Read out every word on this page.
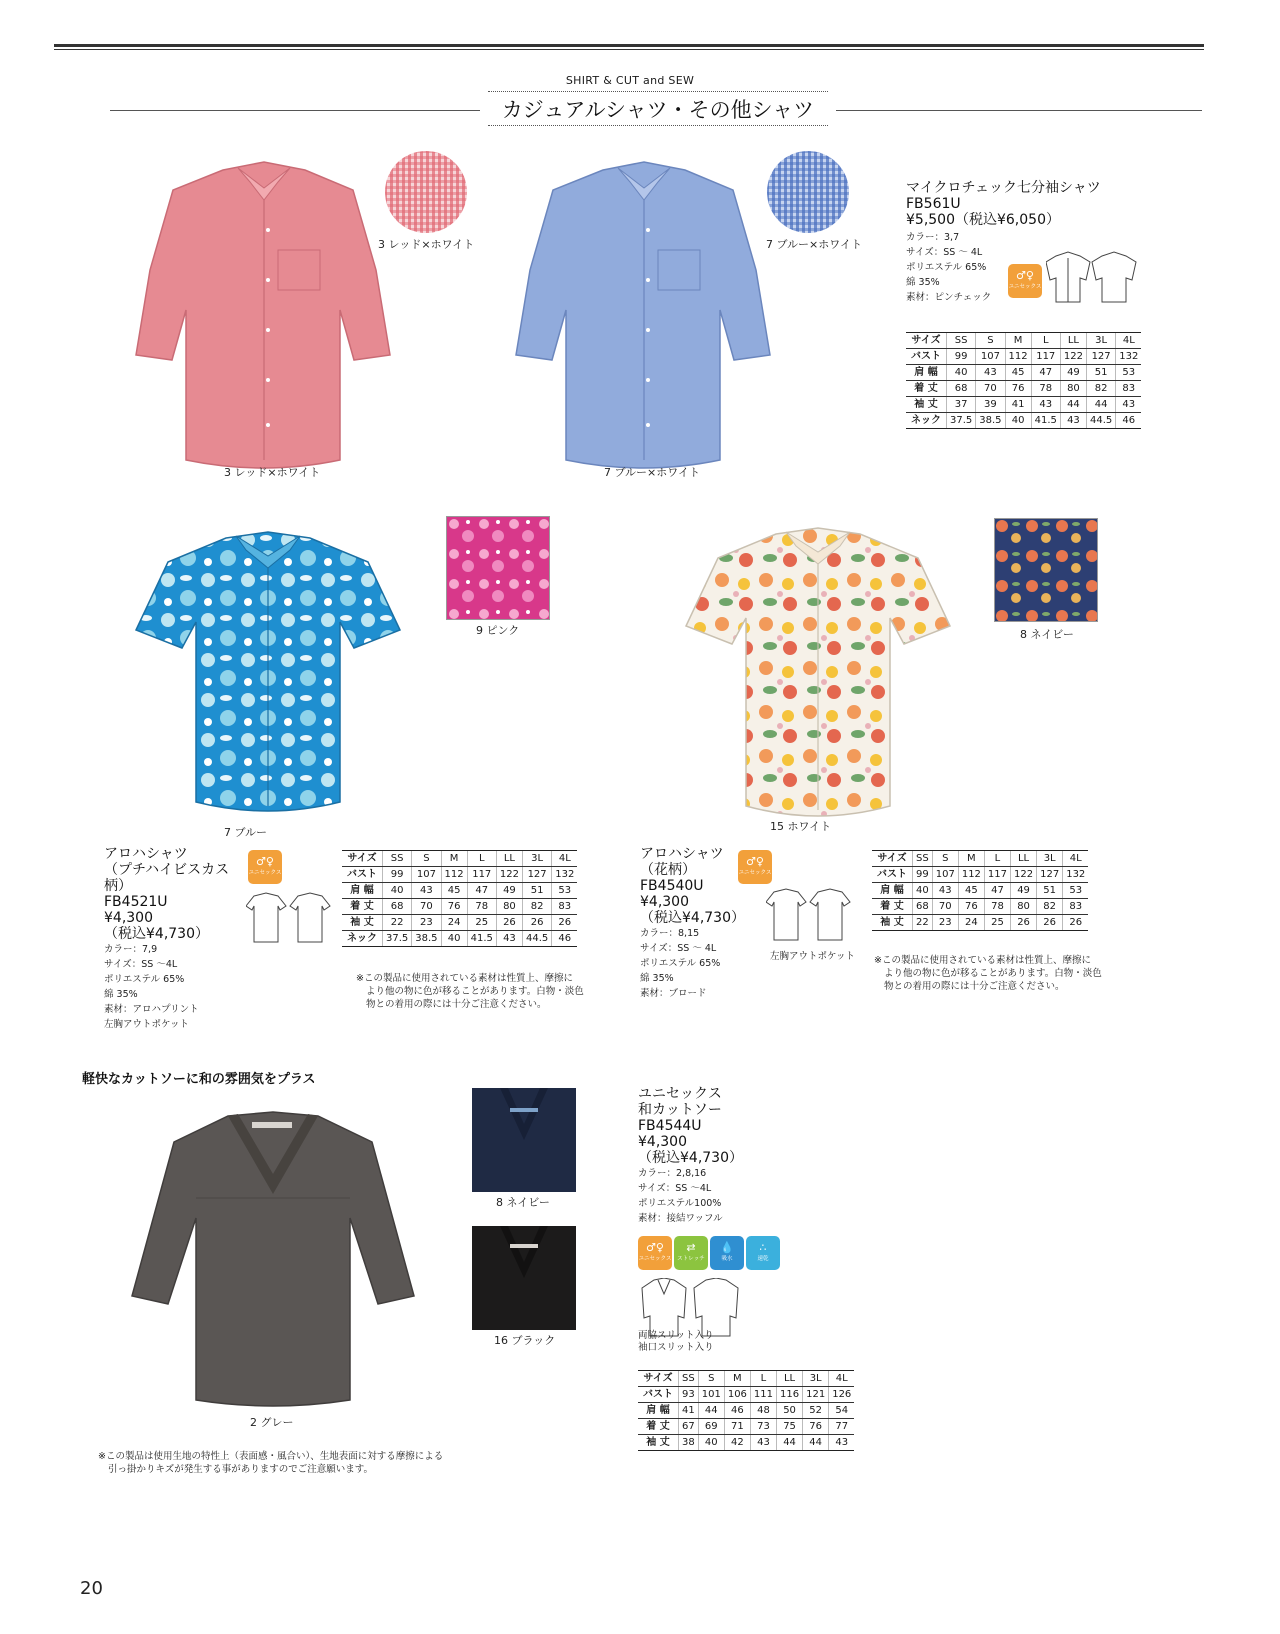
SHIRT & CUT and SEW
カジュアルシャツ・その他シャツ
3 レッド×ホワイト
3 レッド×ホワイト
7 ブルー×ホワイト
7 ブルー×ホワイト
マイクロチェック七分袖シャツ
FB561U
¥5,500（税込¥6,050）
カラー：3,7
サイズ：SS ～ 4L
ポリエステル 65%
綿 35%
素材：ピンチェック
♂♀
ユニセックス
サイズ	SS	S	M	L	LL	3L	4L
バスト	99	107	112	117	122	127	132
肩 幅	40	43	45	47	49	51	53
着 丈	68	70	76	78	80	82	83
袖 丈	37	39	41	43	44	44	43
ネック	37.5	38.5	40	41.5	43	44.5	46
9 ピンク
7 ブルー
アロハシャツ
（プチハイビスカス柄）
FB4521U
¥4,300
（税込¥4,730）
カラー：7,9
サイズ：SS ～4L
ポリエステル 65%
綿 35%
素材：アロハプリント
左胸アウトポケット
♂♀
ユニセックス
サイズ	SS	S	M	L	LL	3L	4L
バスト	99	107	112	117	122	127	132
肩 幅	40	43	45	47	49	51	53
着 丈	68	70	76	78	80	82	83
袖 丈	22	23	24	25	26	26	26
ネック	37.5	38.5	40	41.5	43	44.5	46
※この製品に使用されている素材は性質上、摩擦に
より他の物に色が移ることがあります。白物・淡色
物との着用の際には十分ご注意ください。
8 ネイビー
15 ホワイト
アロハシャツ
（花柄）
FB4540U
¥4,300
（税込¥4,730）
カラー：8,15
サイズ：SS ～ 4L
ポリエステル 65%
綿 35%
素材：ブロード
♂♀
ユニセックス
左胸アウトポケット
サイズ	SS	S	M	L	LL	3L	4L
バスト	99	107	112	117	122	127	132
肩 幅	40	43	45	47	49	51	53
着 丈	68	70	76	78	80	82	83
袖 丈	22	23	24	25	26	26	26
※この製品に使用されている素材は性質上、摩擦に
より他の物に色が移ることがあります。白物・淡色
物との着用の際には十分ご注意ください。
軽快なカットソーに和の雰囲気をプラス
2 グレー
8 ネイビー
16 ブラック
ユニセックス
和カットソー
FB4544U
¥4,300
（税込¥4,730）
カラー：2,8,16
サイズ：SS ～4L
ポリエステル100%
素材：接結ワッフル
♂♀
ユニセックス
⇄
ストレッチ
💧
吸水
∴
速乾
両脇スリット入り
袖口スリット入り
サイズ	SS	S	M	L	LL	3L	4L
バスト	93	101	106	111	116	121	126
肩 幅	41	44	46	48	50	52	54
着 丈	67	69	71	73	75	76	77
袖 丈	38	40	42	43	44	44	43
※この製品は使用生地の特性上（表面感・風合い）、生地表面に対する摩擦による
引っ掛かりキズが発生する事がありますのでご注意願います。
20
